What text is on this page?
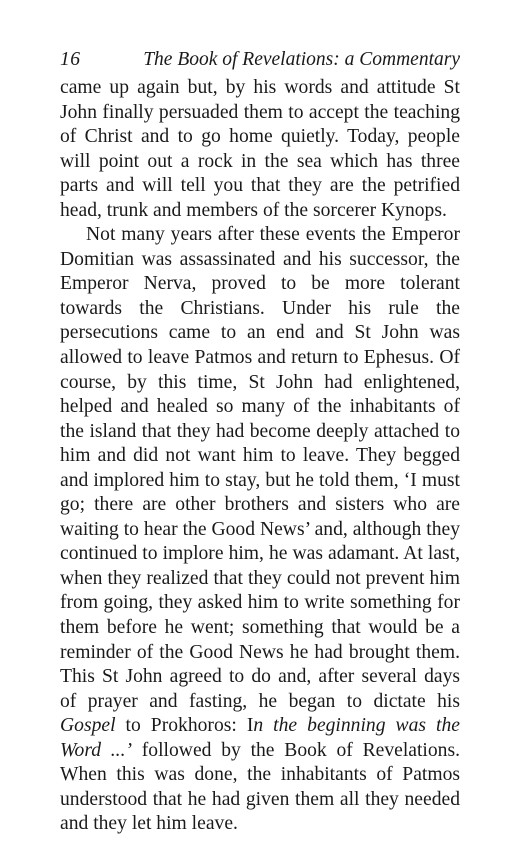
16	The Book of Revelations: a Commentary

came up again but, by his words and attitude St John finally persuaded them to accept the teaching of Christ and to go home quietly. Today, people will point out a rock in the sea which has three parts and will tell you that they are the petrified head, trunk and members of the sorcerer Kynops.

Not many years after these events the Emperor Domitian was assassinated and his successor, the Emperor Nerva, proved to be more tolerant towards the Christians. Under his rule the persecutions came to an end and St John was allowed to leave Patmos and return to Ephesus. Of course, by this time, St John had enlightened, helped and healed so many of the inhabitants of the island that they had become deeply attached to him and did not want him to leave. They begged and implored him to stay, but he told them, ‘I must go; there are other brothers and sisters who are waiting to hear the Good News’ and, although they continued to implore him, he was adamant. At last, when they realized that they could not prevent him from going, they asked him to write something for them before he went; something that would be a reminder of the Good News he had brought them. This St John agreed to do and, after several days of prayer and fasting, he began to dictate his Gospel to Prokhoros: In the beginning was the Word ...’ followed by the Book of Revelations. When this was done, the inhabitants of Patmos understood that he had given them all they needed and they let him leave.
